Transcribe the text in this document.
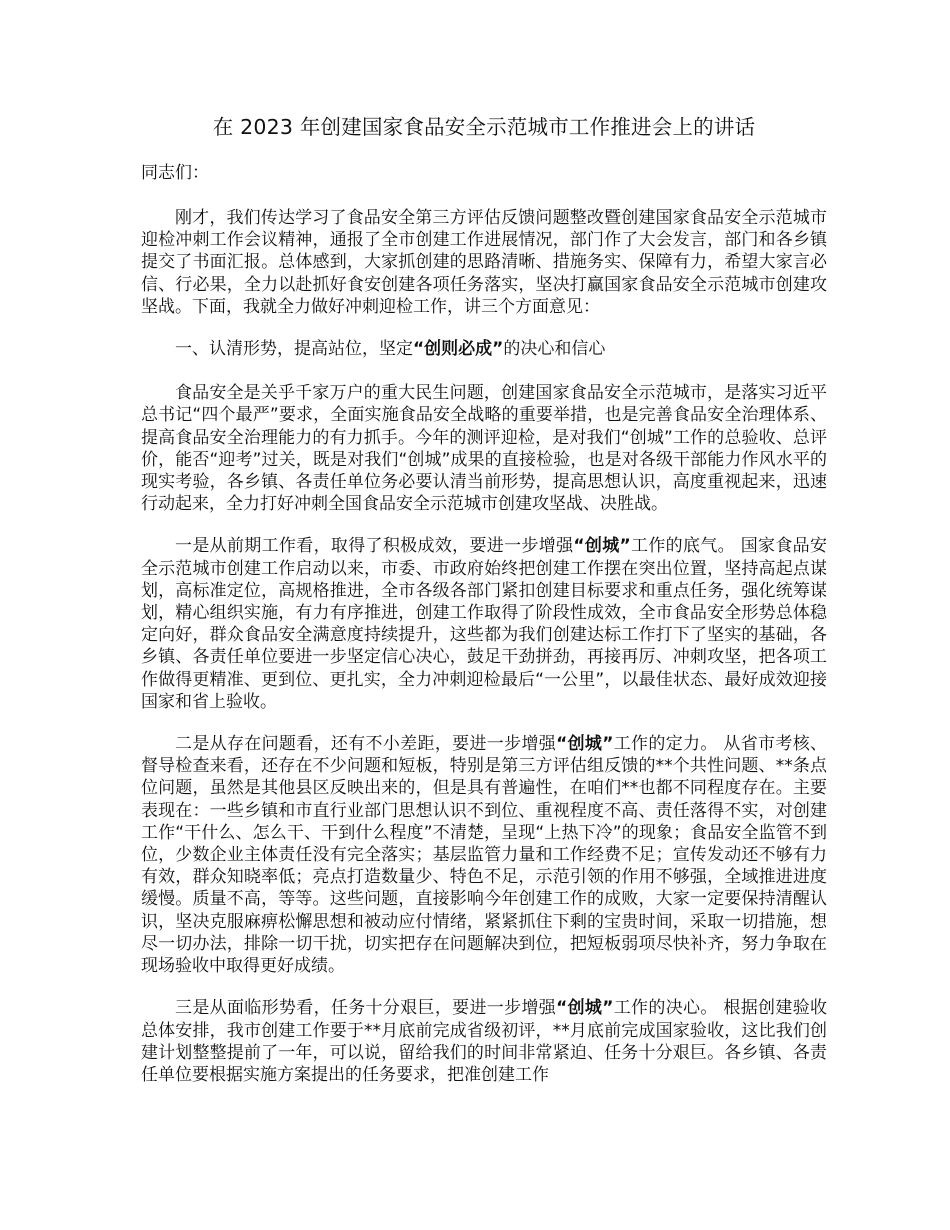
在 2023 年创建国家食品安全示范城市工作推进会上的讲话

同志们：

刚才，我们传达学习了食品安全第三方评估反馈问题整改暨创建国家食品安全示范城市迎检冲刺工作会议精神，通报了全市创建工作进展情况，部门作了大会发言，部门和各乡镇提交了书面汇报。总体感到，大家抓创建的思路清晰、措施务实、保障有力，希望大家言必信、行必果，全力以赴抓好食安创建各项任务落实，坚决打赢国家食品安全示范城市创建攻坚战。下面，我就全力做好冲刺迎检工作，讲三个方面意见：

一、认清形势，提高站位，坚定“创则必成”的决心和信心

食品安全是关乎千家万户的重大民生问题，创建国家食品安全示范城市，是落实习近平总书记“四个最严”要求，全面实施食品安全战略的重要举措，也是完善食品安全治理体系、提高食品安全治理能力的有力抓手。今年的测评迎检，是对我们“创城”工作的总验收、总评价，能否“迎考”过关，既是对我们“创城”成果的直接检验，也是对各级干部能力作风水平的现实考验，各乡镇、各责任单位务必要认清当前形势，提高思想认识，高度重视起来，迅速行动起来，全力打好冲刺全国食品安全示范城市创建攻坚战、决胜战。

一是从前期工作看，取得了积极成效，要进一步增强“创城”工作的底气。 国家食品安全示范城市创建工作启动以来，市委、市政府始终把创建工作摆在突出位置，坚持高起点谋划，高标准定位，高规格推进，全市各级各部门紧扣创建目标要求和重点任务，强化统筹谋划，精心组织实施，有力有序推进，创建工作取得了阶段性成效，全市食品安全形势总体稳定向好，群众食品安全满意度持续提升，这些都为我们创建达标工作打下了坚实的基础，各乡镇、各责任单位要进一步坚定信心决心，鼓足干劲拼劲，再接再厉、冲刺攻坚，把各项工作做得更精准、更到位、更扎实，全力冲刺迎检最后“一公里”，以最佳状态、最好成效迎接国家和省上验收。

二是从存在问题看，还有不小差距，要进一步增强“创城”工作的定力。 从省市考核、督导检查来看，还存在不少问题和短板，特别是第三方评估组反馈的**个共性问题、**条点位问题，虽然是其他县区反映出来的，但是具有普遍性，在咱们**也都不同程度存在。主要表现在：一些乡镇和市直行业部门思想认识不到位、重视程度不高、责任落得不实，对创建工作“干什么、怎么干、干到什么程度”不清楚，呈现“上热下冷”的现象；食品安全监管不到位，少数企业主体责任没有完全落实；基层监管力量和工作经费不足；宣传发动还不够有力有效，群众知晓率低；亮点打造数量少、特色不足，示范引领的作用不够强，全域推进进度缓慢。质量不高，等等。这些问题，直接影响今年创建工作的成败，大家一定要保持清醒认识，坚决克服麻痹松懈思想和被动应付情绪，紧紧抓住下剩的宝贵时间，采取一切措施，想尽一切办法，排除一切干扰，切实把存在问题解决到位，把短板弱项尽快补齐，努力争取在现场验收中取得更好成绩。

三是从面临形势看，任务十分艰巨，要进一步增强“创城”工作的决心。 根据创建验收总体安排，我市创建工作要于**月底前完成省级初评，**月底前完成国家验收，这比我们创建计划整整提前了一年，可以说，留给我们的时间非常紧迫、任务十分艰巨。各乡镇、各责任单位要根据实施方案提出的任务要求，把准创建工作
